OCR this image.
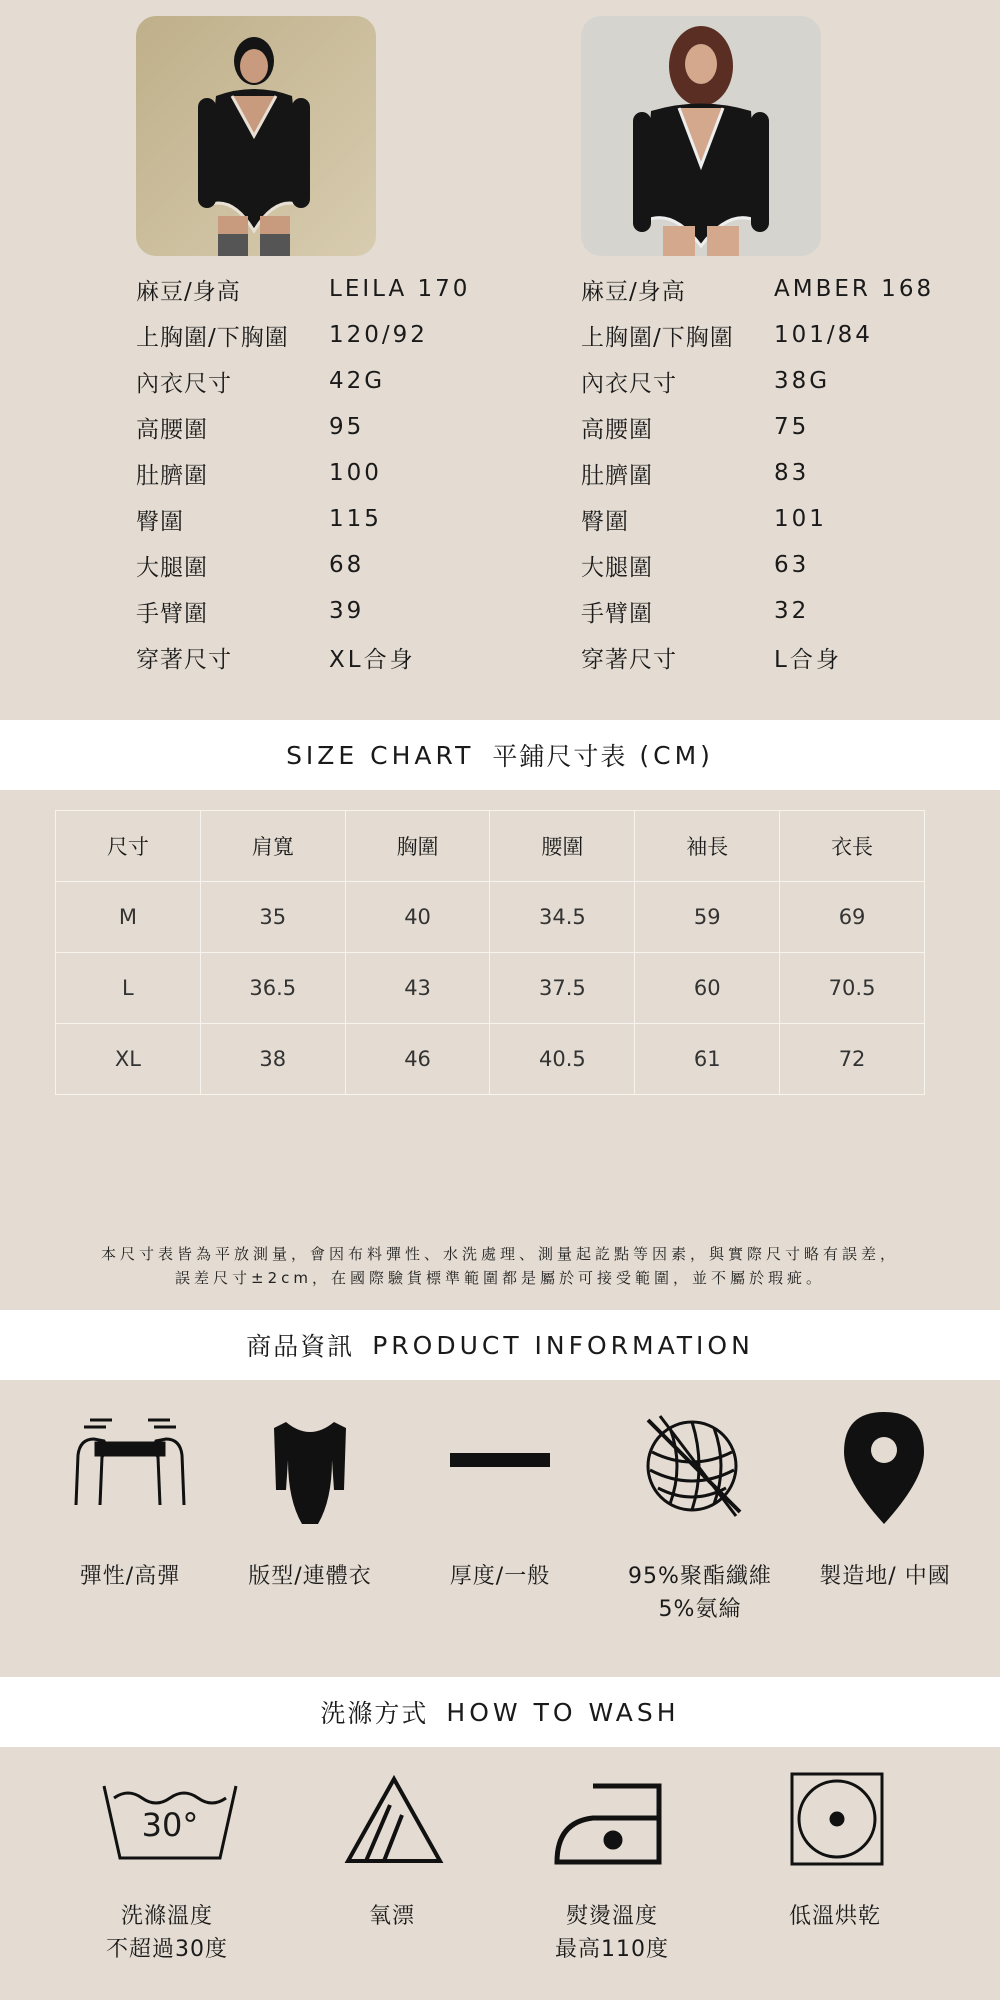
麻豆/身高	LEILA 170
上胸圍/下胸圍	120/92
內衣尺寸	42G
高腰圍	95
肚臍圍	100
臀圍	115
大腿圍	68
手臂圍	39
穿著尺寸	XL合身
麻豆/身高	AMBER 168
上胸圍/下胸圍	101/84
內衣尺寸	38G
高腰圍	75
肚臍圍	83
臀圍	101
大腿圍	63
手臂圍	32
穿著尺寸	L合身
SIZE CHART 平鋪尺寸表 (CM)
尺寸	肩寬	胸圍	腰圍	袖長	衣長
M	35	40	34.5	59	69
L	36.5	43	37.5	60	70.5
XL	38	46	40.5	61	72
本尺寸表皆為平放測量，會因布料彈性、水洗處理、測量起訖點等因素，與實際尺寸略有誤差，
誤差尺寸±2cm，在國際驗貨標準範圍都是屬於可接受範圍，並不屬於瑕疵。
商品資訊 PRODUCT INFORMATION
彈性/高彈	版型/連體衣	厚度/一般	95%聚酯纖維
5%氨綸
製造地/ 中國
洗滌方式 HOW TO WASH
30°
洗滌溫度
不超過30度
氧漂	熨燙溫度
最高110度
低溫烘乾
